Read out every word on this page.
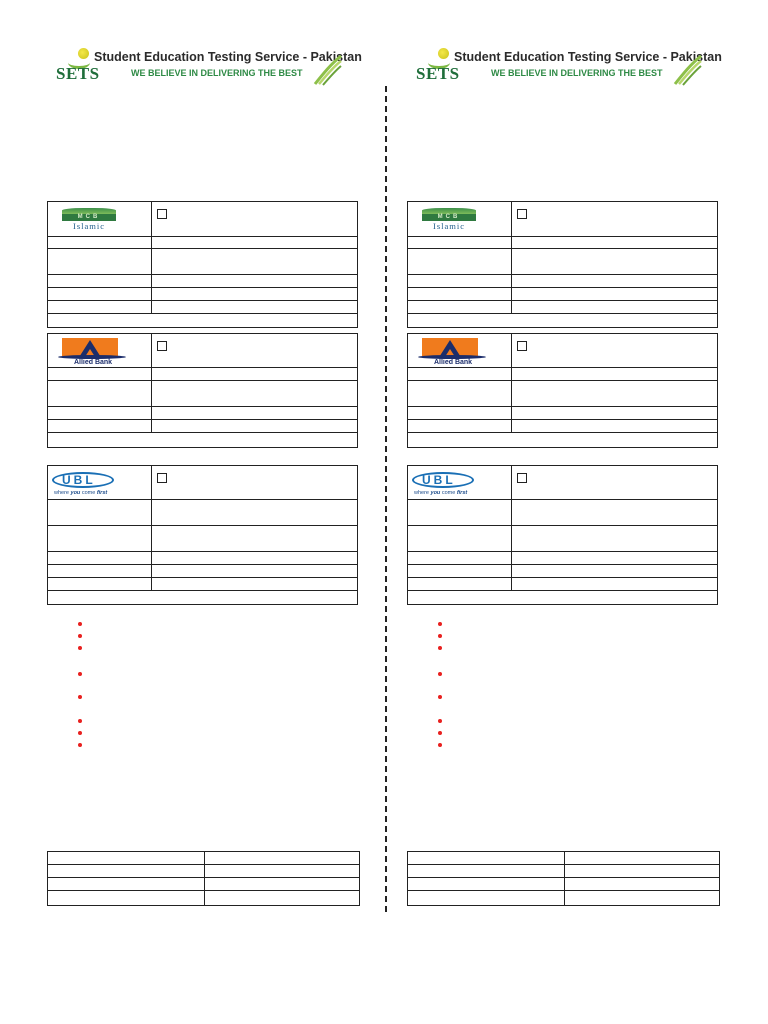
SETS
Student Education Testing Service - Pakistan
WE BELIEVE IN DELIVERING THE BEST
MCB
Islamic
Allied Bank
UBL
where you come first
SETS
Student Education Testing Service - Pakistan
WE BELIEVE IN DELIVERING THE BEST
MCB
Islamic
Allied Bank
UBL
where you come first
